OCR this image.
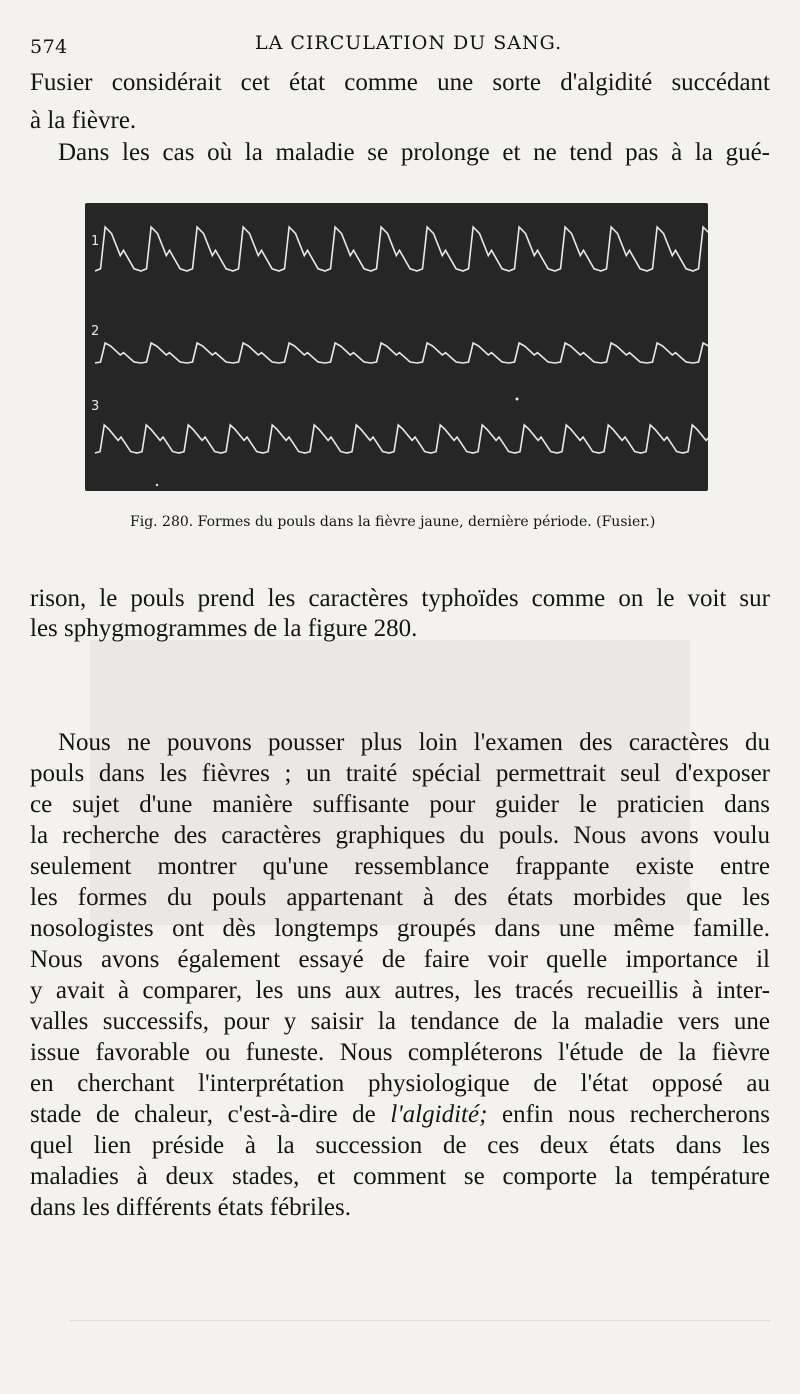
574	LA CIRCULATION DU SANG.
Fusier considérait cet état comme une sorte d'algidité succédant
à la fièvre.
Dans les cas où la maladie se prolonge et ne tend pas à la gué-
1
2
3
Fig. 280. Formes du pouls dans la fièvre jaune, dernière période. (Fusier.)
rison, le pouls prend les caractères typhoïdes comme on le voit sur
les sphygmogrammes de la figure 280.
Nous ne pouvons pousser plus loin l'examen des caractères du
pouls dans les fièvres ; un traité spécial permettrait seul d'exposer
ce sujet d'une manière suffisante pour guider le praticien dans
la recherche des caractères graphiques du pouls. Nous avons voulu
seulement montrer qu'une ressemblance frappante existe entre
les formes du pouls appartenant à des états morbides que les
nosologistes ont dès longtemps groupés dans une même famille.
Nous avons également essayé de faire voir quelle importance il
y avait à comparer, les uns aux autres, les tracés recueillis à inter-
valles successifs, pour y saisir la tendance de la maladie vers une
issue favorable ou funeste. Nous compléterons l'étude de la fièvre
en cherchant l'interprétation physiologique de l'état opposé au
stade de chaleur, c'est-à-dire de l'algidité; enfin nous rechercherons
quel lien préside à la succession de ces deux états dans les
maladies à deux stades, et comment se comporte la température
dans les différents états fébriles.
